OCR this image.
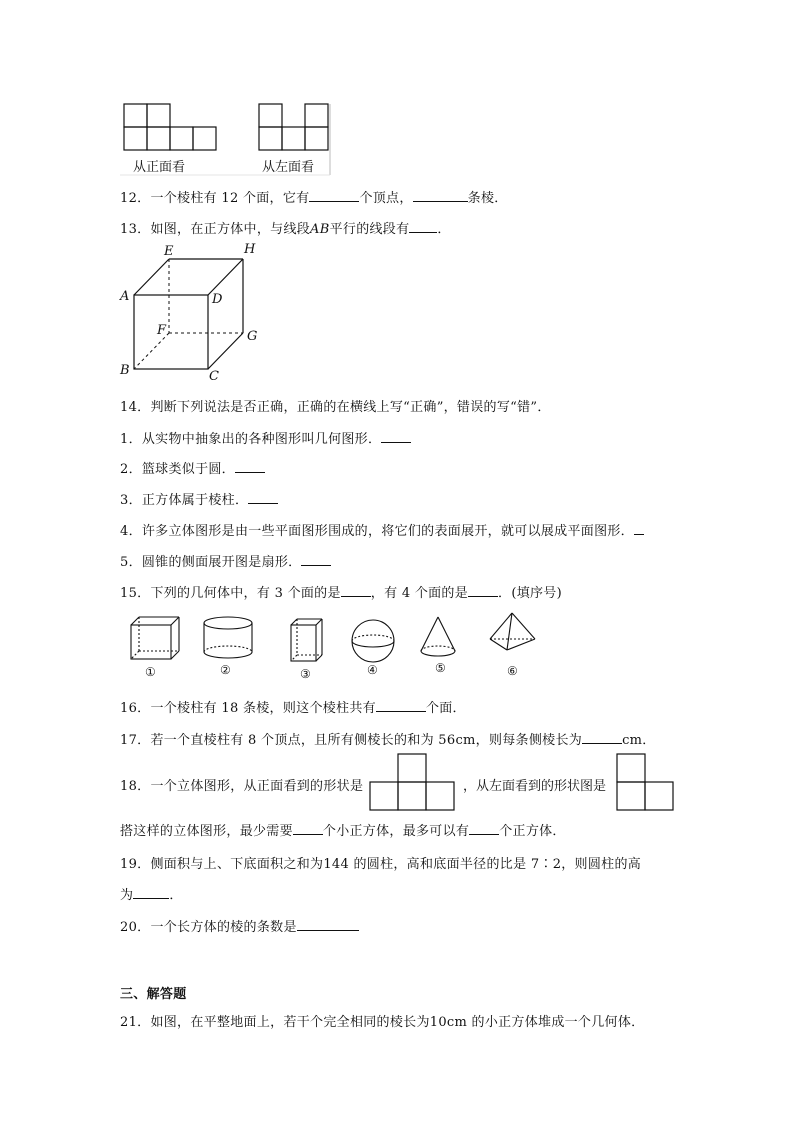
从正面看	从左面看
12．一个棱柱有 12 个面，它有	个顶点，	条棱．
13．如图，在正方体中，与线段AB平行的线段有 ．
E	H
A	D
F	G
B	C
14．判断下列说法是否正确，正确的在横线上写“正确”，错误的写“错”．
1．从实物中抽象出的各种图形叫几何图形．
2．篮球类似于圆．
3．正方体属于棱柱．
4．许多立体图形是由一些平面图形围成的，将它们的表面展开，就可以展成平面图形．
5．圆锥的侧面展开图是扇形．
15．下列的几何体中，有 3 个面的是 ，有 4 个面的是 ．(填序号)
①	②	③	④	⑤	⑥
16．一个棱柱有 18 条棱，则这个棱柱共有	个面．
17．若一个直棱柱有 8 个顶点，且所有侧棱长的和为 56cm，则每条侧棱长为	cm．
18．一个立体图形，从正面看到的形状是	，从左面看到的形状图是
搭这样的立体图形，最少需要 个小正方体，最多可以有 个正方体．
19．侧面积与上、下底面积之和为144 的圆柱，高和底面半径的比是 7∶2，则圆柱的高
为	．
20．一个长方体的棱的条数是
三、解答题
21．如图，在平整地面上，若干个完全相同的棱长为10cm 的小正方体堆成一个几何体．
